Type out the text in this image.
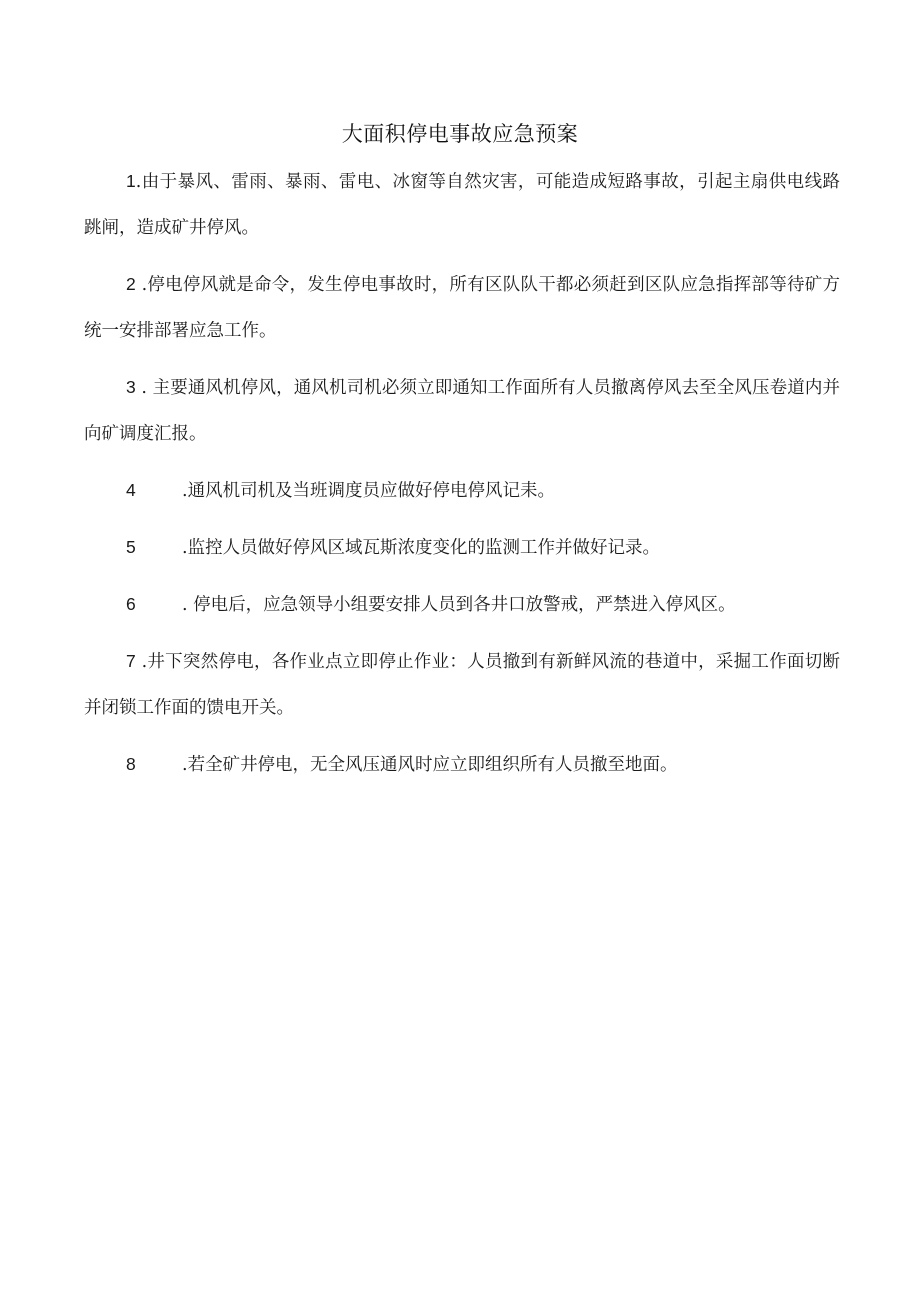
大面积停电事故应急预案

1.由于暴风、雷雨、暴雨、雷电、冰窗等自然灾害，可能造成短路事故，引起主扇供电线路跳闸，造成矿井停风。

2 .停电停风就是命令，发生停电事故时，所有区队队干都必须赶到区队应急指挥部等待矿方统一安排部署应急工作。

3 . 主要通风机停风，通风机司机必须立即通知工作面所有人员撤离停风去至全风压卷道内并向矿调度汇报。

4	.通风机司机及当班调度员应做好停电停风记耒。

5	.监控人员做好停风区域瓦斯浓度变化的监测工作并做好记录。

6	. 停电后，应急领导小组要安排人员到各井口放警戒，严禁进入停风区。

7 .井下突然停电，各作业点立即停止作业：人员撤到有新鲜风流的巷道中，采掘工作面切断并闭锁工作面的馈电开关。

8	.若全矿井停电，无全风压通风时应立即组织所有人员撤至地面。
